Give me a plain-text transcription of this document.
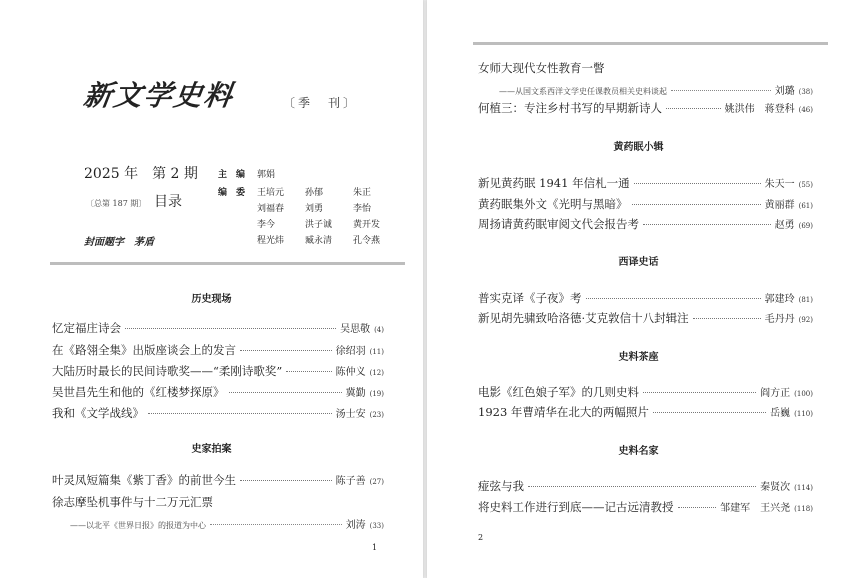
新文学史料	〔季　刊〕
2025 年　第 2 期
〔总第 187 期〕 目录
封面题字　茅盾
主　编 郭娟
编　委 王培元	孙郁	朱正
刘福春	刘勇	李怡
李今	洪子诚	黄开发
程光炜	臧永清	孔令燕
历史现场
忆定福庄诗会	吴思敬 (4)
在《路翎全集》出版座谈会上的发言	徐绍羽 (11)
大陆历时最长的民间诗歌奖——“柔刚诗歌奖”	陈仲义 (12)
吴世昌先生和他的《红楼梦探原》	冀勤 (19)
我和《文学战线》	汤士安 (23)
史家拍案
叶灵凤短篇集《紫丁香》的前世今生	陈子善 (27)
徐志摩坠机事件与十二万元汇票
——以北平《世界日报》的报道为中心	刘涛 (33)
1
女师大现代女性教育一瞥
——从国文系西洋文学史任课教员相关史料谈起	刘璐 (38)
何植三：专注乡村书写的早期新诗人	姚洪伟　蒋登科 (46)
黄药眠小辑
新见黄药眠 1941 年信札一通	朱天一 (55)
黄药眠集外文《光明与黑暗》	黄丽群 (61)
周扬请黄药眠审阅文代会报告考	赵勇 (69)
西译史话
普实克译《子夜》考	郭建玲 (81)
新见胡先骕致哈洛德·艾克敦信十八封辑注	毛丹丹 (92)
史料茶座
电影《红色娘子军》的几则史料	阎方正 (100)
1923 年曹靖华在北大的两幅照片	岳巍 (110)
史料名家
痖弦与我	秦贤次 (114)
将史料工作进行到底——记古远清教授	邹建军　王兴尧 (118)
2
